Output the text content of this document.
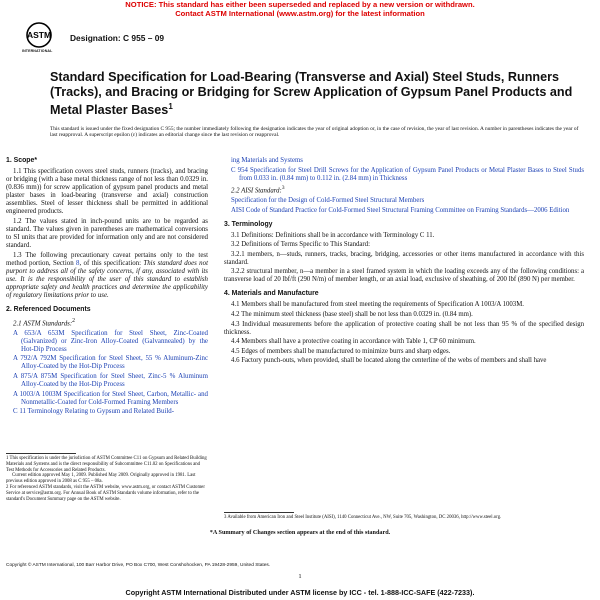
NOTICE: This standard has either been superseded and replaced by a new version or withdrawn.
Contact ASTM International (www.astm.org) for the latest information
ASTM
INTERNATIONAL
Designation: C 955 – 09
Standard Specification for Load-Bearing (Transverse and Axial) Steel Studs, Runners (Tracks), and Bracing or Bridging for Screw Application of Gypsum Panel Products and Metal Plaster Bases$^1$
This standard is issued under the fixed designation C 955; the number immediately following the designation indicates the year of original adoption or, in the case of revision, the year of last revision. A number in parentheses indicates the year of last reapproval. A superscript epsilon (ε) indicates an editorial change since the last revision or reapproval.

1. Scope*

1.1 This specification covers steel studs, runners (tracks), and bracing or bridging (with a base metal thickness range of not less than 0.0329 in. (0.836 mm)) for screw application of gypsum panel products and metal plaster bases in load-bearing (transverse and axial) construction assemblies. Steel of lesser thickness shall be permitted in additional engineered products.

1.2 The values stated in inch-pound units are to be regarded as standard. The values given in parentheses are mathematical conversions to SI units that are provided for information only and are not considered standard.

1.3 The following precautionary caveat pertains only to the test method portion, Section 8, of this specification: This standard does not purport to address all of the safety concerns, if any, associated with its use. It is the responsibility of the user of this standard to establish appropriate safety and health practices and determine the applicability of regulatory limitations prior to use.

2. Referenced Documents

2.1 ASTM Standards:$^2$

A 653/A 653M Specification for Steel Sheet, Zinc-Coated (Galvanized) or Zinc-Iron Alloy-Coated (Galvannealed) by the Hot-Dip Process

A 792/A 792M Specification for Steel Sheet, 55 % Aluminum-Zinc Alloy-Coated by the Hot-Dip Process

A 875/A 875M Specification for Steel Sheet, Zinc-5 % Aluminum Alloy-Coated by the Hot-Dip Process

A 1003/A 1003M Specification for Steel Sheet, Carbon, Metallic- and Nonmetallic-Coated for Cold-Formed Framing Members

C 11 Terminology Relating to Gypsum and Related Build-

1 This specification is under the jurisdiction of ASTM Committee C11 on Gypsum and Related Building Materials and Systems and is the direct responsibility of Subcommittee C11.02 on Specifications and Test Methods for Accessories and Related Products.
Current edition approved May 1, 2009. Published May 2009. Originally approved in 1981. Last previous edition approved in 2008 as C 955 – 08a.
2 For referenced ASTM standards, visit the ASTM website, www.astm.org, or contact ASTM Customer Service at service@astm.org. For Annual Book of ASTM Standards volume information, refer to the standard's Document Summary page on the ASTM website.

ing Materials and Systems

C 954 Specification for Steel Drill Screws for the Application of Gypsum Panel Products or Metal Plaster Bases to Steel Studs from 0.033 in. (0.84 mm) to 0.112 in. (2.84 mm) in Thickness

2.2 AISI Standard:$^3$

Specification for the Design of Cold-Formed Steel Structural Members

AISI Code of Standard Practice for Cold-Formed Steel Structural Framing Committee on Framing Standards—2006 Edition

3. Terminology

3.1 Definitions: Definitions shall be in accordance with Terminology C 11.

3.2 Definitions of Terms Specific to This Standard:

3.2.1 members, n—studs, runners, tracks, bracing, bridging, accessories or other items manufactured in accordance with this standard.

3.2.2 structural member, n—a member in a steel framed system in which the loading exceeds any of the following conditions: a transverse load of 20 lbf/ft (290 N/m) of member length, or an axial load, exclusive of sheathing, of 200 lbf (890 N) per member.

4. Materials and Manufacture

4.1 Members shall be manufactured from steel meeting the requirements of Specification A 1003/A 1003M.

4.2 The minimum steel thickness (base steel) shall be not less than 0.0329 in. (0.84 mm).

4.3 Individual measurements before the application of protective coating shall be not less than 95 % of the specified design thickness.

4.4 Members shall have a protective coating in accordance with Table 1, CP 60 minimum.

4.5 Edges of members shall be manufactured to minimize burrs and sharp edges.

4.6 Factory punch-outs, when provided, shall be located along the centerline of the webs of members and shall have

3 Available from American Iron and Steel Institute (AISI), 1140 Connecticut Ave., NW, Suite 705, Washington, DC 20036, http://www.steel.org.
*A Summary of Changes section appears at the end of this standard.
Copyright © ASTM International, 100 Barr Harbor Drive, PO Box C700, West Conshohocken, PA 19428-2959, United States.
1
Copyright ASTM International Distributed under ASTM license by ICC - tel. 1-888-ICC-SAFE (422-7233).
